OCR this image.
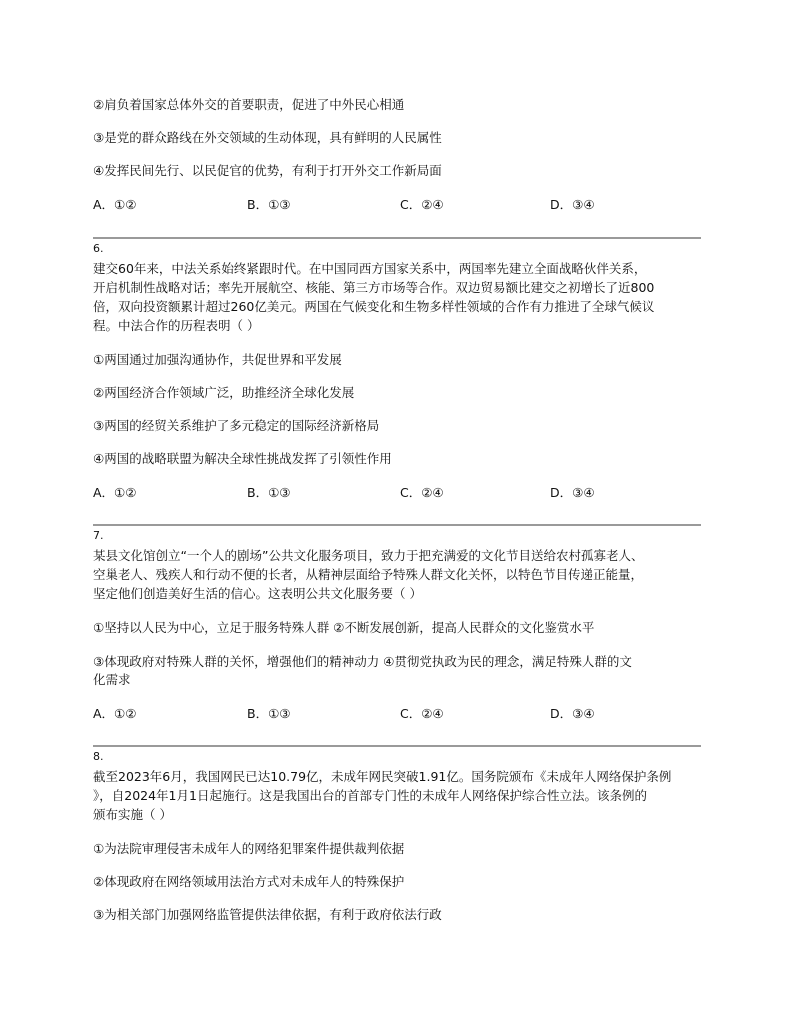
②肩负着国家总体外交的首要职责，促进了中外民心相通
③是党的群众路线在外交领域的生动体现，具有鲜明的人民属性
④发挥民间先行、以民促官的优势，有利于打开外交工作新局面
A．①②	B．①③	C．②④	D．③④
6.
建交60年来，中法关系始终紧跟时代。在中国同西方国家关系中，两国率先建立全面战略伙伴关系，
开启机制性战略对话；率先开展航空、核能、第三方市场等合作。双边贸易额比建交之初增长了近800
倍，双向投资额累计超过260亿美元。两国在气候变化和生物多样性领域的合作有力推进了全球气候议
程。中法合作的历程表明（ ）
①两国通过加强沟通协作，共促世界和平发展
②两国经济合作领域广泛，助推经济全球化发展
③两国的经贸关系维护了多元稳定的国际经济新格局
④两国的战略联盟为解决全球性挑战发挥了引领性作用
A．①②	B．①③	C．②④	D．③④
7.
某县文化馆创立“一个人的剧场”公共文化服务项目，致力于把充满爱的文化节目送给农村孤寡老人、
空巢老人、残疾人和行动不便的长者，从精神层面给予特殊人群文化关怀，以特色节目传递正能量，
坚定他们创造美好生活的信心。这表明公共文化服务要（ ）
①坚持以人民为中心，立足于服务特殊人群 ②不断发展创新，提高人民群众的文化鉴赏水平
③体现政府对特殊人群的关怀，增强他们的精神动力 ④贯彻党执政为民的理念，满足特殊人群的文
化需求
A．①②	B．①③	C．②④	D．③④
8.
截至2023年6月，我国网民已达10.79亿，未成年网民突破1.91亿。国务院颁布《未成年人网络保护条例
》，自2024年1月1日起施行。这是我国出台的首部专门性的未成年人网络保护综合性立法。该条例的
颁布实施（ ）
①为法院审理侵害未成年人的网络犯罪案件提供裁判依据
②体现政府在网络领域用法治方式对未成年人的特殊保护
③为相关部门加强网络监管提供法律依据，有利于政府依法行政
